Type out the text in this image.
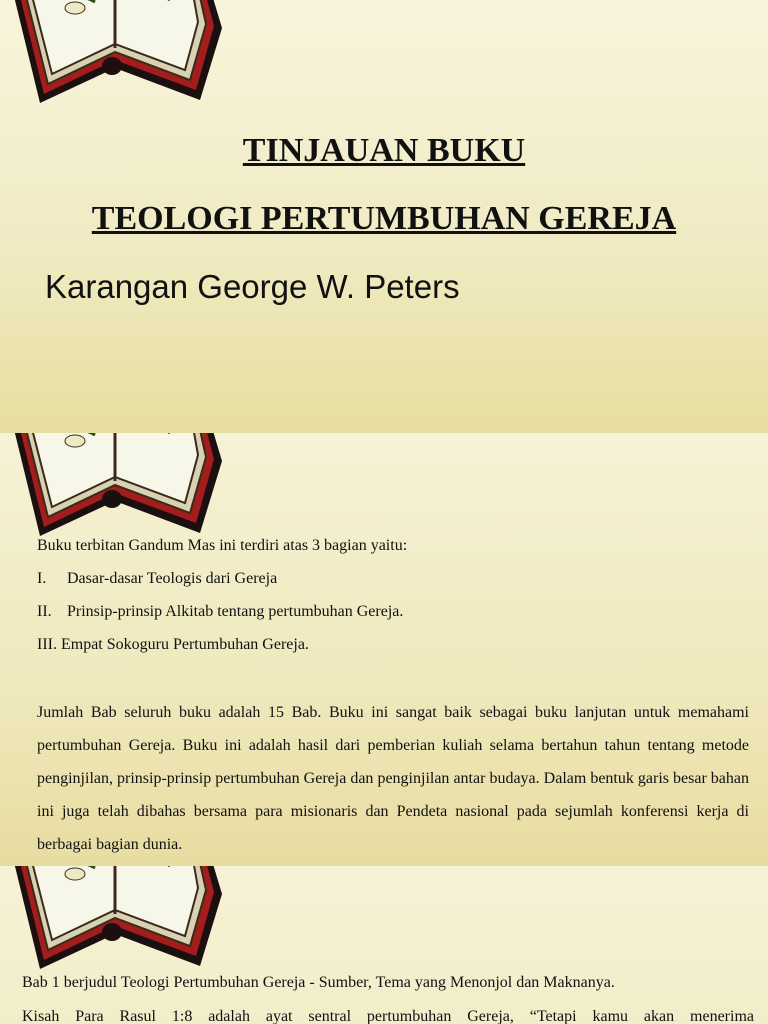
TINJAUAN BUKU
TEOLOGI PERTUMBUHAN GEREJA
Karangan George W. Peters
Buku terbitan Gandum Mas ini terdiri atas 3 bagian yaitu:
I. Dasar-dasar Teologis dari Gereja
II. Prinsip-prinsip Alkitab tentang pertumbuhan Gereja.
III. Empat Sokoguru Pertumbuhan Gereja.
Jumlah Bab seluruh buku adalah 15 Bab. Buku ini sangat baik sebagai buku lanjutan untuk memahami pertumbuhan Gereja. Buku ini adalah hasil dari pemberian kuliah selama bertahun tahun tentang metode penginjilan, prinsip-prinsip pertumbuhan Gereja dan penginjilan antar budaya. Dalam bentuk garis besar bahan ini juga telah dibahas bersama para misionaris dan Pendeta nasional pada sejumlah konferensi kerja di berbagai bagian dunia.
Bab 1 berjudul Teologi Pertumbuhan Gereja - Sumber, Tema yang Menonjol dan Maknanya.
Kisah Para Rasul 1:8 adalah ayat sentral pertumbuhan Gereja, “Tetapi kamu akan menerima
